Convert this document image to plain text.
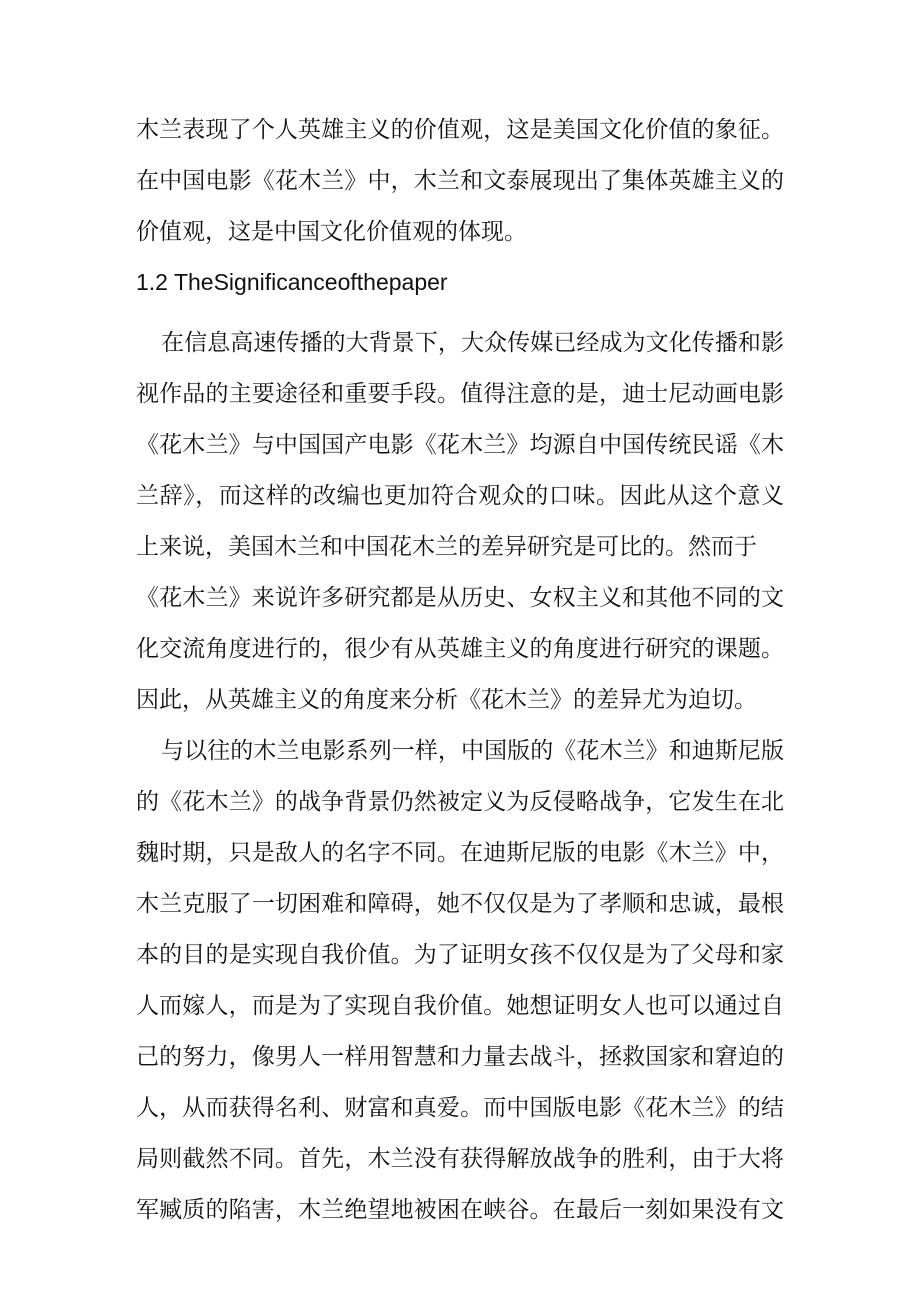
木兰表现了个人英雄主义的价值观，这是美国文化价值的象征。
在中国电影《花木兰》中，木兰和文泰展现出了集体英雄主义的
价值观，这是中国文化价值观的体现。
1.2 TheSignificanceofthepaper
在信息高速传播的大背景下，大众传媒已经成为文化传播和影
视作品的主要途径和重要手段。值得注意的是，迪士尼动画电影
《花木兰》与中国国产电影《花木兰》均源自中国传统民谣《木
兰辞》，而这样的改编也更加符合观众的口味。因此从这个意义
上来说，美国木兰和中国花木兰的差异研究是可比的。然而于
《花木兰》来说许多研究都是从历史、女权主义和其他不同的文
化交流角度进行的，很少有从英雄主义的角度进行研究的课题。
因此，从英雄主义的角度来分析《花木兰》的差异尤为迫切。
与以往的木兰电影系列一样，中国版的《花木兰》和迪斯尼版
的《花木兰》的战争背景仍然被定义为反侵略战争，它发生在北
魏时期，只是敌人的名字不同。在迪斯尼版的电影《木兰》中，
木兰克服了一切困难和障碍，她不仅仅是为了孝顺和忠诚，最根
本的目的是实现自我价值。为了证明女孩不仅仅是为了父母和家
人而嫁人，而是为了实现自我价值。她想证明女人也可以通过自
己的努力，像男人一样用智慧和力量去战斗，拯救国家和窘迫的
人，从而获得名利、财富和真爱。而中国版电影《花木兰》的结
局则截然不同。首先，木兰没有获得解放战争的胜利，由于大将
军臧质的陷害，木兰绝望地被困在峡谷。在最后一刻如果没有文
